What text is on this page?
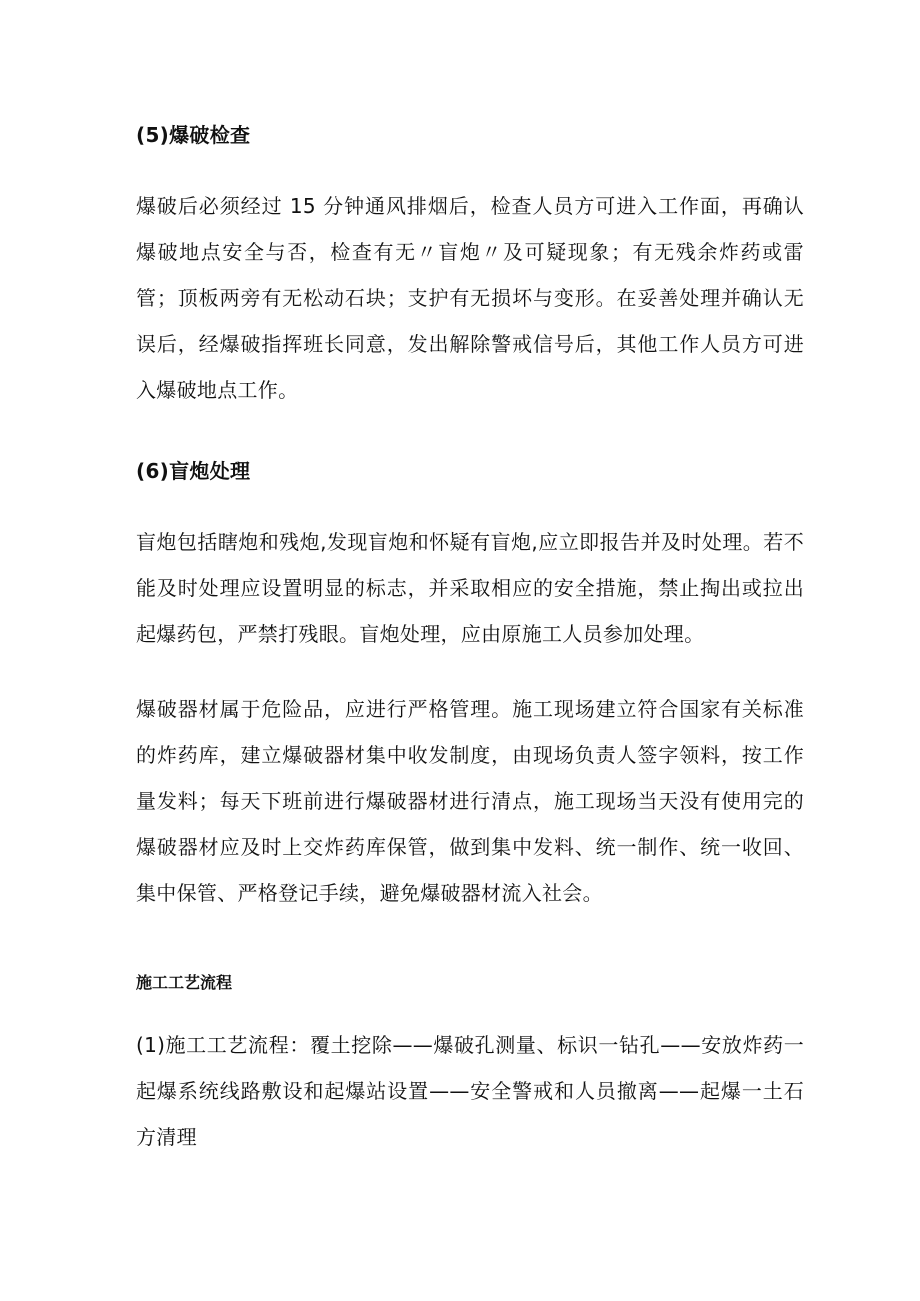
(5)爆破检查

爆破后必须经过 15 分钟通风排烟后，检查人员方可进入工作面，再确认爆破地点安全与否，检查有无〃盲炮〃及可疑现象；有无残余炸药或雷管；顶板两旁有无松动石块；支护有无损坏与变形。在妥善处理并确认无误后，经爆破指挥班长同意，发出解除警戒信号后，其他工作人员方可进入爆破地点工作。

(6)盲炮处理

盲炮包括瞎炮和残炮,发现盲炮和怀疑有盲炮,应立即报告并及时处理。若不能及时处理应设置明显的标志，并采取相应的安全措施，禁止掏出或拉出起爆药包，严禁打残眼。盲炮处理，应由原施工人员参加处理。

爆破器材属于危险品，应进行严格管理。施工现场建立符合国家有关标准的炸药库，建立爆破器材集中收发制度，由现场负责人签字领料，按工作量发料；每天下班前进行爆破器材进行清点，施工现场当天没有使用完的爆破器材应及时上交炸药库保管，做到集中发料、统一制作、统一收回、集中保管、严格登记手续，避免爆破器材流入社会。

施工工艺流程

(1)施工工艺流程：覆土挖除——爆破孔测量、标识一钻孔——安放炸药一起爆系统线路敷设和起爆站设置——安全警戒和人员撤离——起爆一土石方清理
